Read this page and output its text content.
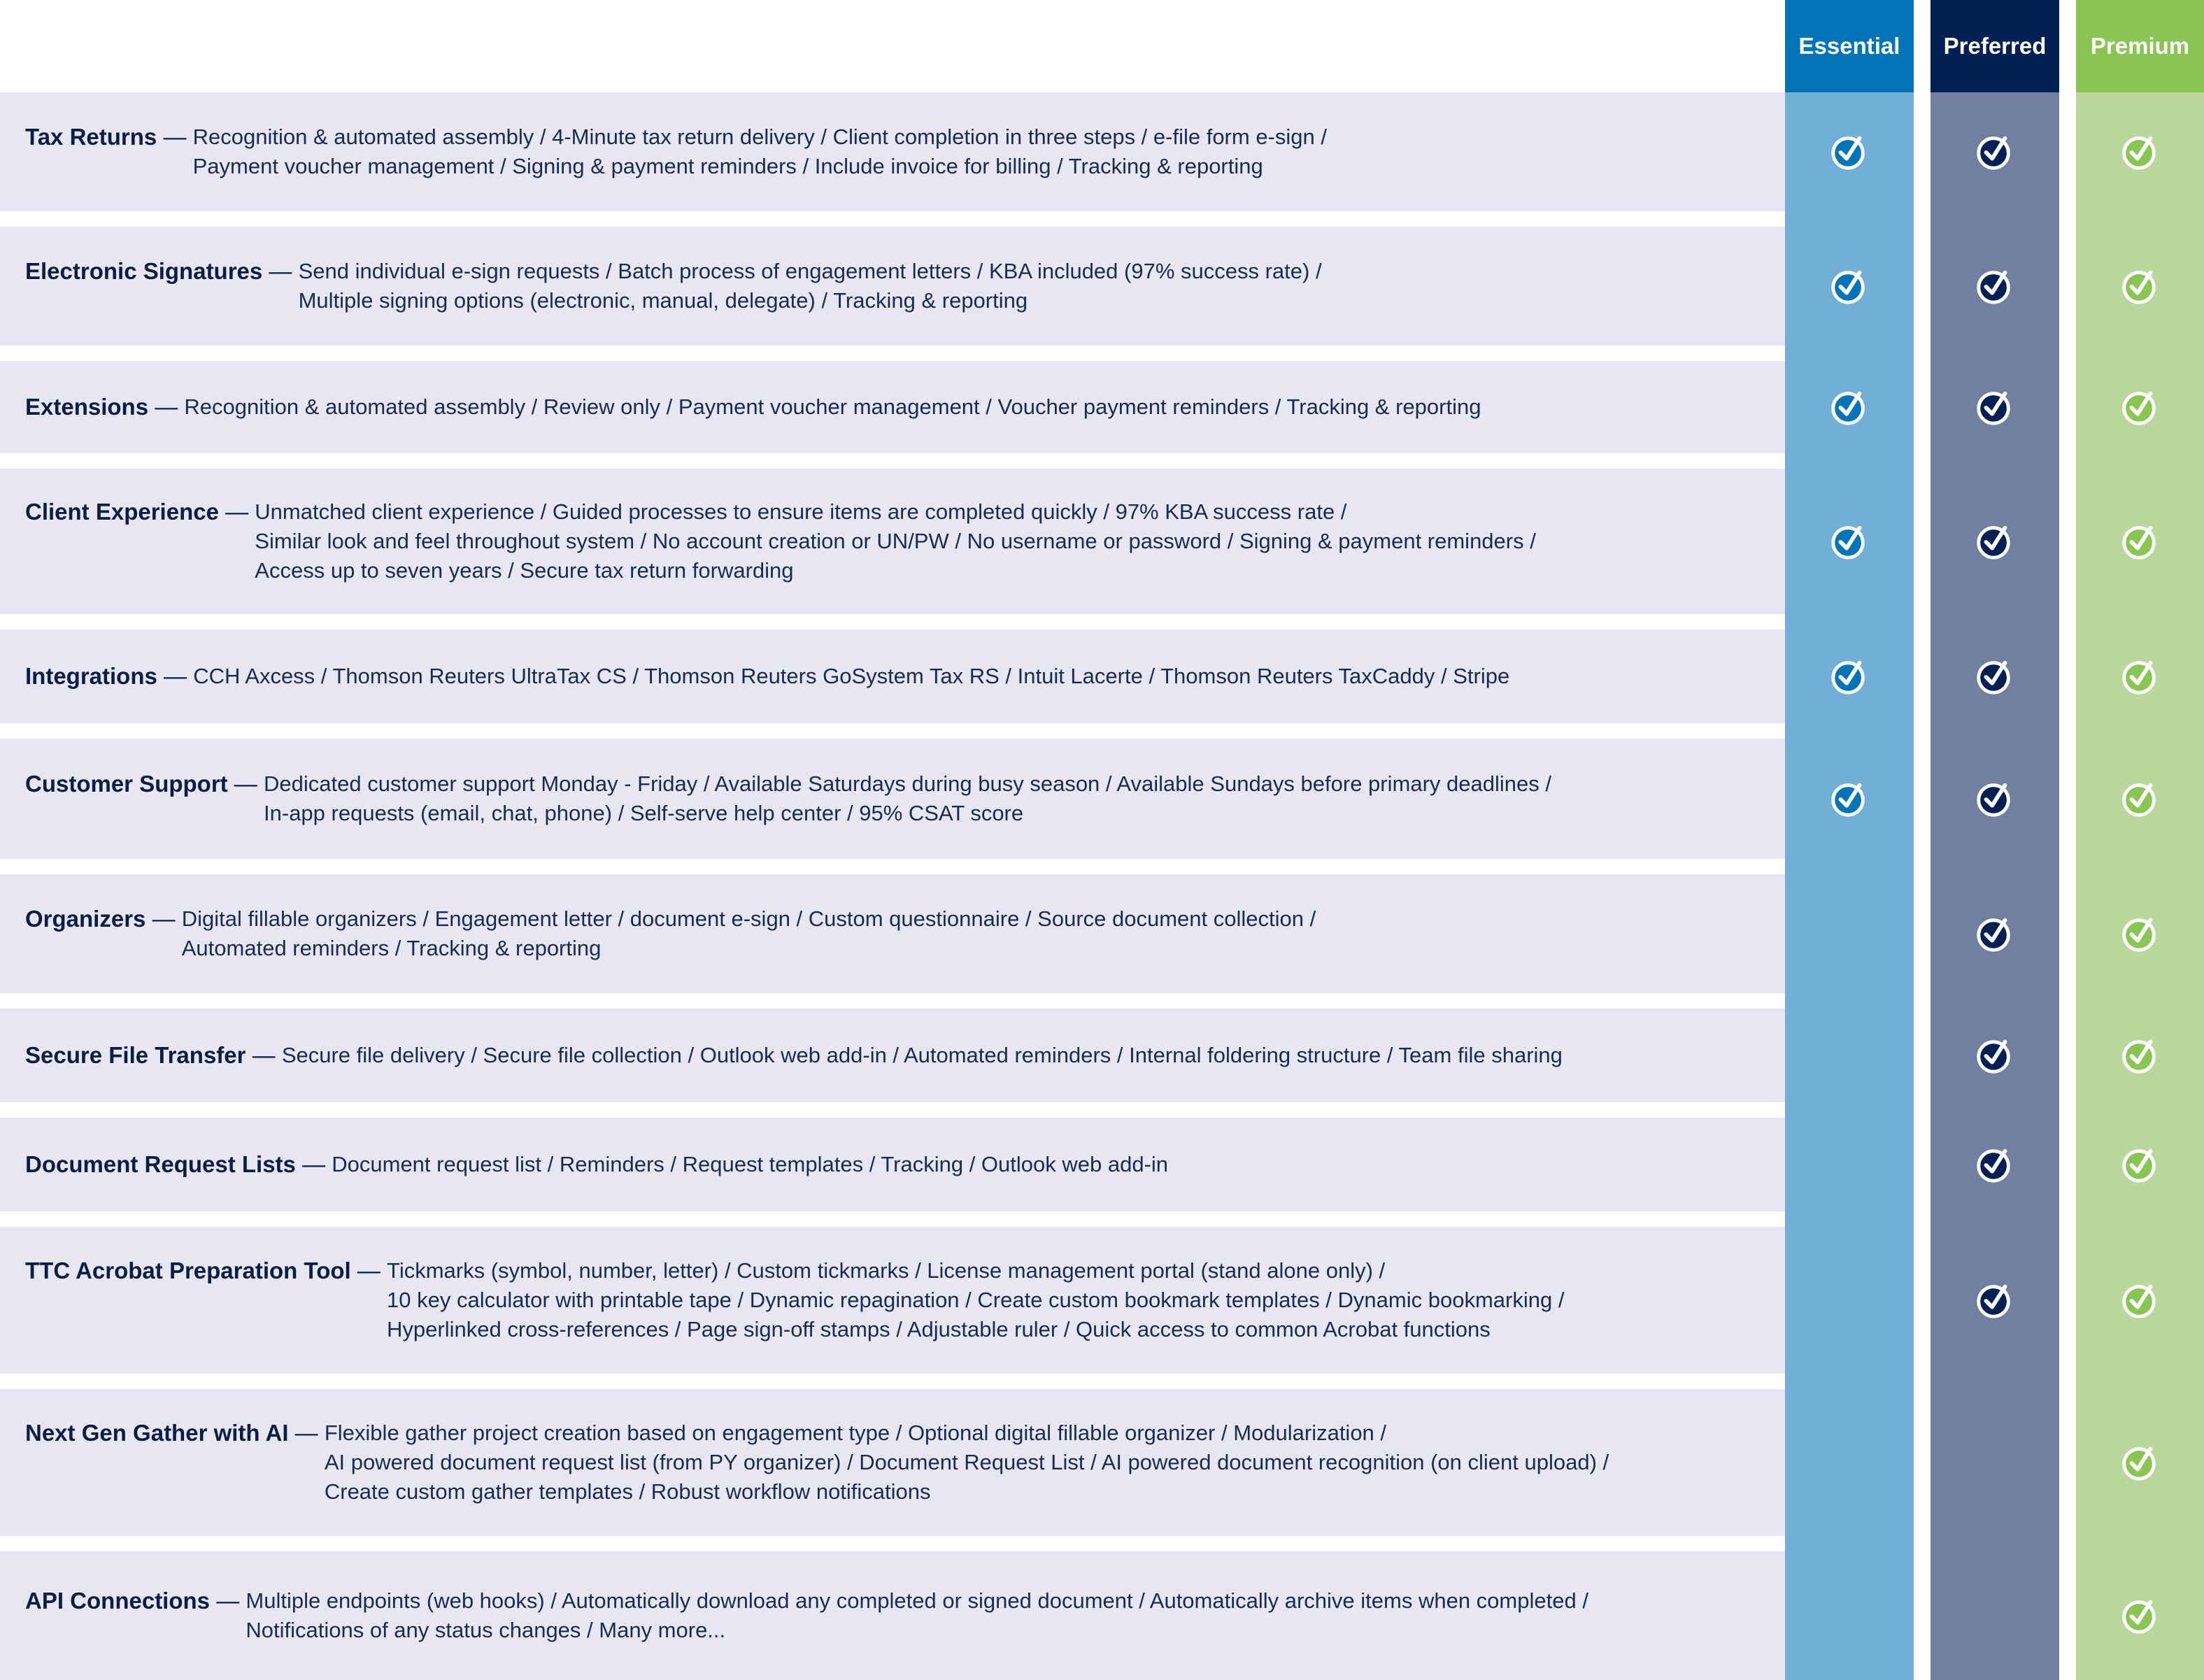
Essential	Preferred	Premium
Tax Returns — Recognition & automated assembly / 4-Minute tax return delivery / Client completion in three steps / e-file form e-sign /
Payment voucher management / Signing & payment reminders / Include invoice for billing / Tracking & reporting
Electronic Signatures — Send individual e-sign requests / Batch process of engagement letters / KBA included (97% success rate) /
Multiple signing options (electronic, manual, delegate) / Tracking & reporting
Extensions — Recognition & automated assembly / Review only / Payment voucher management / Voucher payment reminders / Tracking & reporting
Client Experience — Unmatched client experience / Guided processes to ensure items are completed quickly / 97% KBA success rate /
Similar look and feel throughout system / No account creation or UN/PW / No username or password / Signing & payment reminders /
Access up to seven years / Secure tax return forwarding
Integrations — CCH Axcess / Thomson Reuters UltraTax CS / Thomson Reuters GoSystem Tax RS / Intuit Lacerte / Thomson Reuters TaxCaddy / Stripe
Customer Support — Dedicated customer support Monday - Friday / Available Saturdays during busy season / Available Sundays before primary deadlines /
In-app requests (email, chat, phone) / Self-serve help center / 95% CSAT score
Organizers — Digital fillable organizers / Engagement letter / document e-sign / Custom questionnaire / Source document collection /
Automated reminders / Tracking & reporting
Secure File Transfer — Secure file delivery / Secure file collection / Outlook web add-in / Automated reminders / Internal foldering structure / Team file sharing
Document Request Lists — Document request list / Reminders / Request templates / Tracking / Outlook web add-in
TTC Acrobat Preparation Tool — Tickmarks (symbol, number, letter) / Custom tickmarks / License management portal (stand alone only) /
10 key calculator with printable tape / Dynamic repagination / Create custom bookmark templates / Dynamic bookmarking /
Hyperlinked cross-references / Page sign-off stamps / Adjustable ruler / Quick access to common Acrobat functions
Next Gen Gather with AI — Flexible gather project creation based on engagement type / Optional digital fillable organizer / Modularization /
AI powered document request list (from PY organizer) / Document Request List / AI powered document recognition (on client upload) /
Create custom gather templates / Robust workflow notifications
API Connections — Multiple endpoints (web hooks) / Automatically download any completed or signed document / Automatically archive items when completed /
Notifications of any status changes / Many more...
